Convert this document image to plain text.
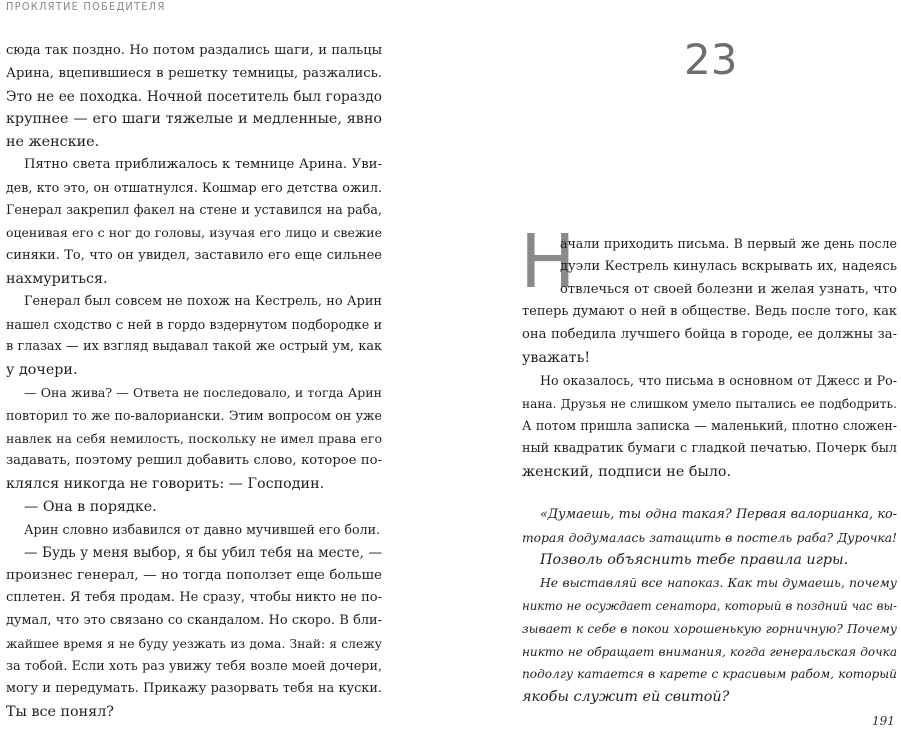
ПРОКЛЯТИЕ ПОБЕДИТЕЛЯ
сюда так поздно. Но потом раздались шаги, и пальцы
Арина, вцепившиеся в решетку темницы, разжались.
Это не ее походка. Ночной посетитель был гораздо
крупнее — его шаги тяжелые и медленные, явно
не женские.
Пятно света приближалось к темнице Арина. Уви-
дев, кто это, он отшатнулся. Кошмар его детства ожил.
Генерал закрепил факел на стене и уставился на раба,
оценивая его с ног до головы, изучая его лицо и свежие
синяки. То, что он увидел, заставило его еще сильнее
нахмуриться.
Генерал был совсем не похож на Кестрель, но Арин
нашел сходство с ней в гордо вздернутом подбородке и
в глазах — их взгляд выдавал такой же острый ум, как
у дочери.
— Она жива? — Ответа не последовало, и тогда Арин
повторил то же по-валориански. Этим вопросом он уже
навлек на себя немилость, поскольку не имел права его
задавать, поэтому решил добавить слово, которое по-
клялся никогда не говорить: — Господин.
— Она в порядке.
Арин словно избавился от давно мучившей его боли.
— Будь у меня выбор, я бы убил тебя на месте, —
произнес генерал, — но тогда поползет еще больше
сплетен. Я тебя продам. Не сразу, чтобы никто не по-
думал, что это связано со скандалом. Но скоро. В бли-
жайшее время я не буду уезжать из дома. Знай: я слежу
за тобой. Если хоть раз увижу тебя возле моей дочери,
могу и передумать. Прикажу разорвать тебя на куски.
Ты все понял?
23
Н
ачали приходить письма. В первый же день после
дуэли Кестрель кинулась вскрывать их, надеясь
отвлечься от своей болезни и желая узнать, что
теперь думают о ней в обществе. Ведь после того, как
она победила лучшего бойца в городе, ее должны за-
уважать!
Но оказалось, что письма в основном от Джесс и Ро-
нана. Друзья не слишком умело пытались ее подбодрить.
А потом пришла записка — маленький, плотно сложен-
ный квадратик бумаги с гладкой печатью. Почерк был
женский, подписи не было.
«Думаешь, ты одна такая? Первая валорианка, ко-
торая додумалась затащить в постель раба? Дурочка!
Позволь объяснить тебе правила игры.
Не выставляй все напоказ. Как ты думаешь, почему
никто не осуждает сенатора, который в поздний час вы-
зывает к себе в покои хорошенькую горничную? Почему
никто не обращает внимания, когда генеральская дочка
подолгу катается в карете с красивым рабом, который
якобы служит ей свитой?
191
